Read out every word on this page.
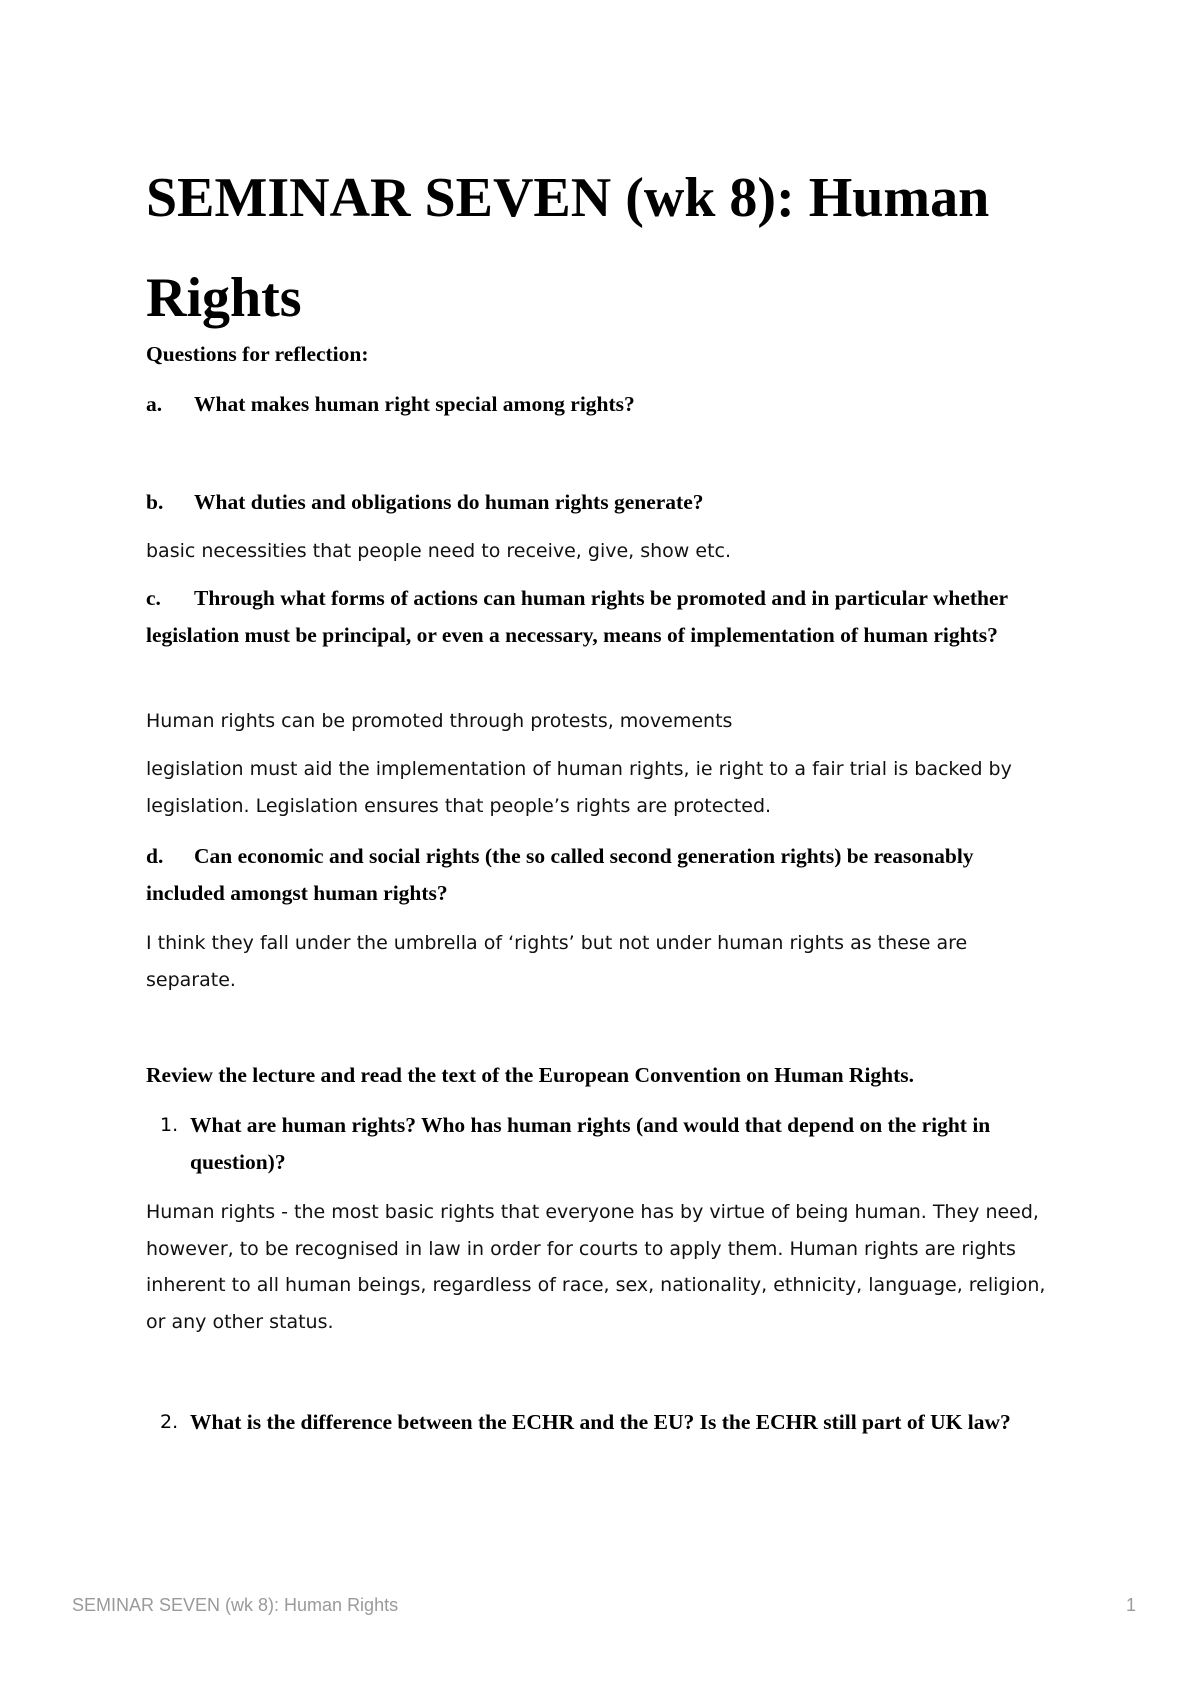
SEMINAR SEVEN (wk 8): Human Rights

Questions for reflection:

a. What makes human right special among rights?

b. What duties and obligations do human rights generate?

basic necessities that people need to receive, give, show etc.

c. Through what forms of actions can human rights be promoted and in particular whether legislation must be principal, or even a necessary, means of implementation of human rights?

Human rights can be promoted through protests, movements

legislation must aid the implementation of human rights, ie right to a fair trial is backed by legislation. Legislation ensures that people’s rights are protected.

d. Can economic and social rights (the so called second generation rights) be reasonably included amongst human rights?

I think they fall under the umbrella of ‘rights’ but not under human rights as these are separate.

Review the lecture and read the text of the European Convention on Human Rights.

1. What are human rights? Who has human rights (and would that depend on the right in question)?

Human rights - the most basic rights that everyone has by virtue of being human. They need, however, to be recognised in law in order for courts to apply them. Human rights are rights inherent to all human beings, regardless of race, sex, nationality, ethnicity, language, religion, or any other status.

2. What is the difference between the ECHR and the EU? Is the ECHR still part of UK law?
SEMINAR SEVEN (wk 8): Human Rights	1
